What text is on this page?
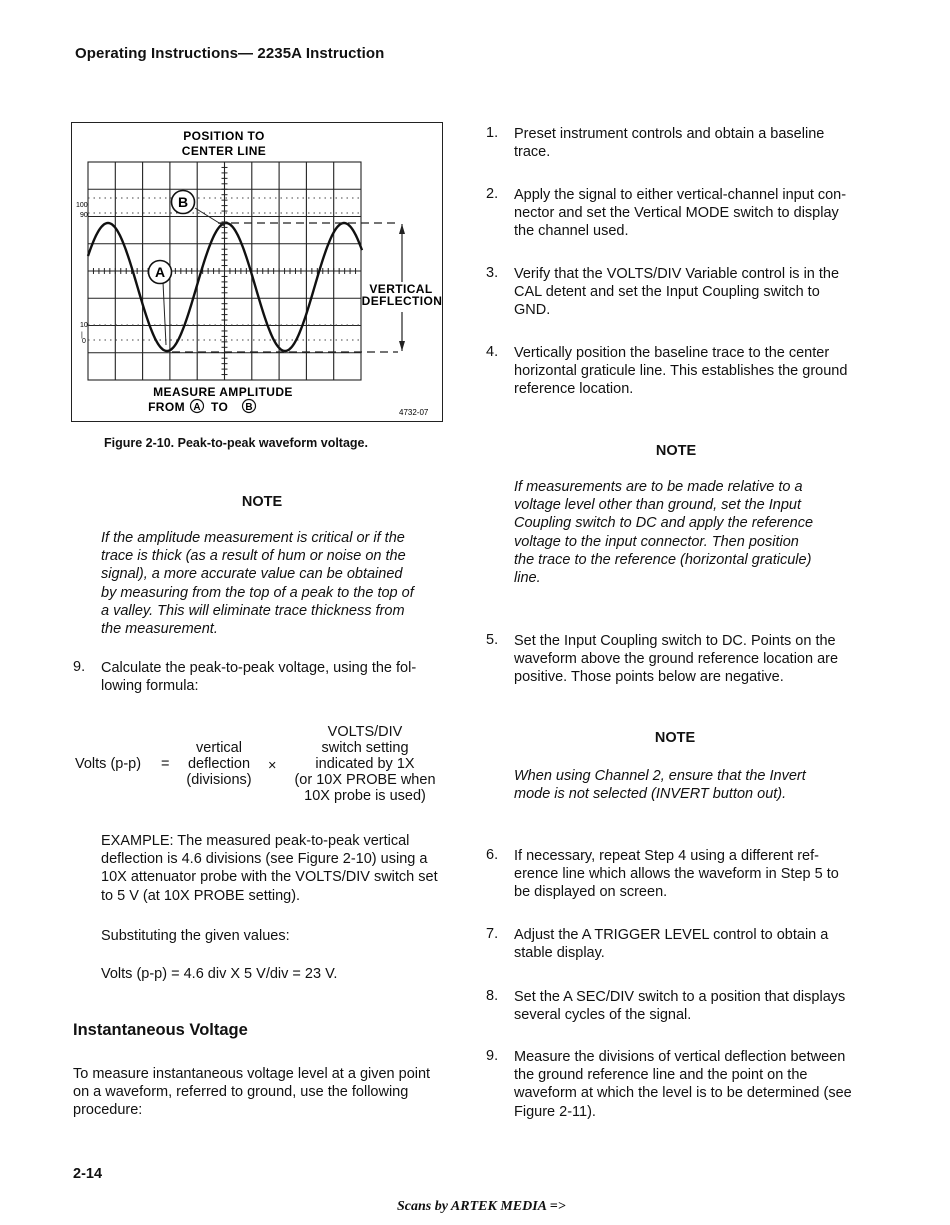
Operating Instructions— 2235A Instruction
POSITION TO
CENTER LINE
100
90
10
|
0
B
A
VERTICAL
DEFLECTION
MEASURE AMPLITUDE
FROM A TO B	4732-07
Figure 2-10. Peak-to-peak waveform voltage.
NOTE
If the amplitude measurement is critical or if the
trace is thick (as a result of hum or noise on the
signal), a more accurate value can be obtained
by measuring from the top of a peak to the top of
a valley. This will eliminate trace thickness from
the measurement.
9. Calculate the peak-to-peak voltage, using the fol-
lowing formula:
Volts (p-p) =	×
vertical
deflection
(divisions)
VOLTS/DIV
switch setting
indicated by 1X
(or 10X PROBE when
10X probe is used)
EXAMPLE: The measured peak-to-peak vertical
deflection is 4.6 divisions (see Figure 2-10) using a
10X attenuator probe with the VOLTS/DIV switch set
to 5 V (at 10X PROBE setting).
Substituting the given values:
Volts (p-p) = 4.6 div X 5 V/div = 23 V.
Instantaneous Voltage
To measure instantaneous voltage level at a given point
on a waveform, referred to ground, use the following
procedure:
1. Preset instrument controls and obtain a baseline
trace.
2. Apply the signal to either vertical-channel input con-
nector and set the Vertical MODE switch to display
the channel used.
3. Verify that the VOLTS/DIV Variable control is in the
CAL detent and set the Input Coupling switch to
GND.
4. Vertically position the baseline trace to the center
horizontal graticule line. This establishes the ground
reference location.
NOTE
If measurements are to be made relative to a
voltage level other than ground, set the Input
Coupling switch to DC and apply the reference
voltage to the input connector. Then position
the trace to the reference (horizontal graticule)
line.
5. Set the Input Coupling switch to DC. Points on the
waveform above the ground reference location are
positive. Those points below are negative.
NOTE
When using Channel 2, ensure that the Invert
mode is not selected (INVERT button out).
6. If necessary, repeat Step 4 using a different ref-
erence line which allows the waveform in Step 5 to
be displayed on screen.
7. Adjust the A TRIGGER LEVEL control to obtain a
stable display.
8. Set the A SEC/DIV switch to a position that displays
several cycles of the signal.
9. Measure the divisions of vertical deflection between
the ground reference line and the point on the
waveform at which the level is to be determined (see
Figure 2-11).
2-14
Scans by ARTEK MEDIA =>
